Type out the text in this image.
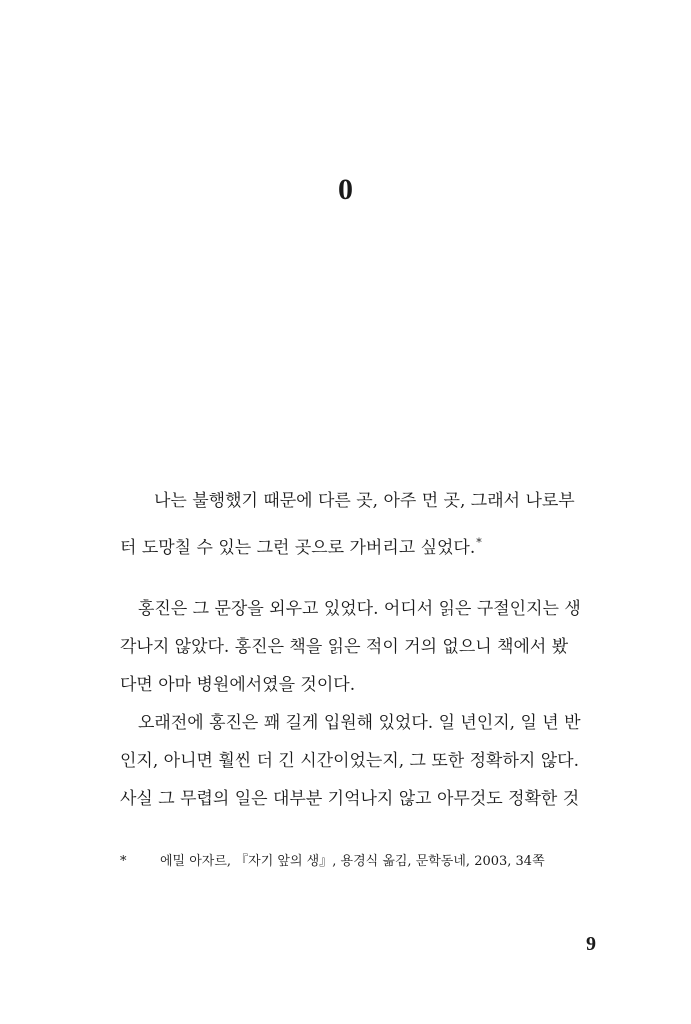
0
나는 불행했기 때문에 다른 곳, 아주 먼 곳, 그래서 나로부
터 도망칠 수 있는 그런 곳으로 가버리고 싶었다.*
홍진은 그 문장을 외우고 있었다. 어디서 읽은 구절인지는 생
각나지 않았다. 홍진은 책을 읽은 적이 거의 없으니 책에서 봤
다면 아마 병원에서였을 것이다.
오래전에 홍진은 꽤 길게 입원해 있었다. 일 년인지, 일 년 반
인지, 아니면 훨씬 더 긴 시간이었는지, 그 또한 정확하지 않다.
사실 그 무렵의 일은 대부분 기억나지 않고 아무것도 정확한 것
*	에밀 아자르, 『자기 앞의 생』, 용경식 옮김, 문학동네, 2003, 34쪽
9
